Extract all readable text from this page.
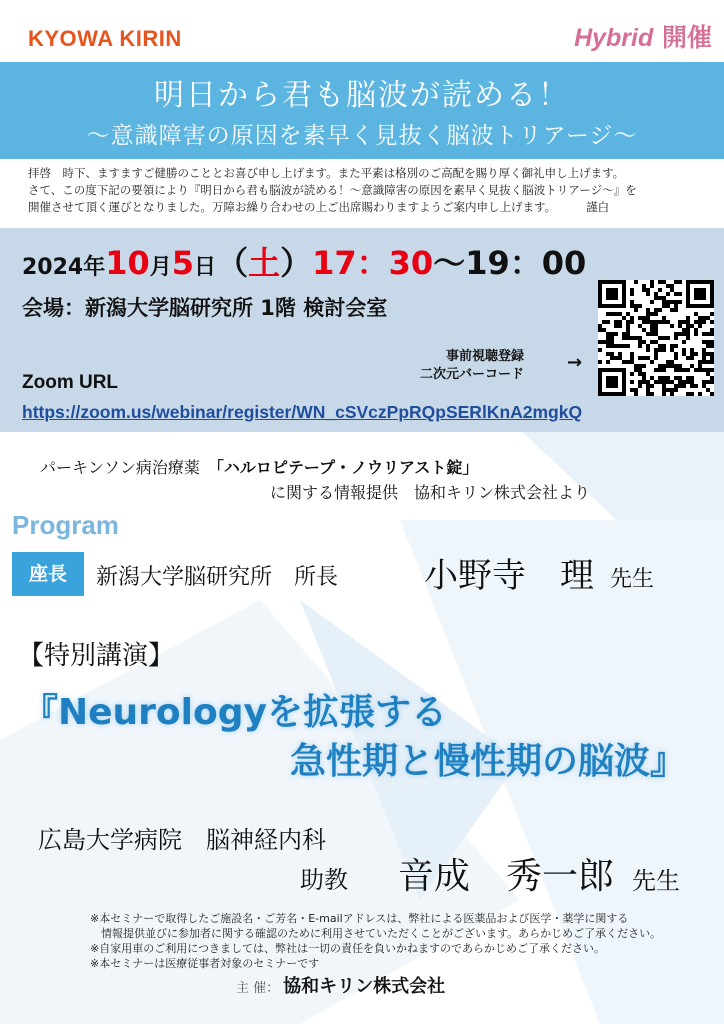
KYOWA KIRIN	Hybrid 開催
明日から君も脳波が読める！
～意識障害の原因を素早く見抜く脳波トリアージ～

拝啓　時下、ますますご健勝のこととお喜び申し上げます。また平素は格別のご高配を賜り厚く御礼申し上げます。

さて、この度下記の要領により『明日から君も脳波が読める！～意識障害の原因を素早く見抜く脳波トリアージ～』を

開催させて頂く運びとなりました。万障お繰り合わせの上ご出席賜わりますようご案内申し上げます。	謹白

2024年10月5日（土）17：30～19：00
会場：新潟大学脳研究所 1階 検討会室
事前視聴登録
二次元バーコード
→
Zoom URL
https://zoom.us/webinar/register/WN_cSVczPpRQpSERlKnA2mgkQ
パーキンソン病治療薬　 「ハルロピテープ・ノウリアスト錠」
に関する情報提供　協和キリン株式会社より
Program
座長	新潟大学脳研究所　所長	小野寺　理 先生
【特別講演】
『Neurologyを拡張する
急性期と慢性期の脳波』
広島大学病院　脳神経内科
助教 音成　秀一郎 先生

※本セミナーで取得したご施設名・ご芳名・E-mailアドレスは、弊社による医薬品および医学・薬学に関する

　情報提供並びに参加者に関する確認のために利用させていただくことがございます。あらかじめご了承ください。

※自家用車のご利用につきましては、弊社は一切の責任を負いかねますのであらかじめご了承ください。

※本セミナーは医療従事者対象のセミナーです

主 催： 協和キリン株式会社
